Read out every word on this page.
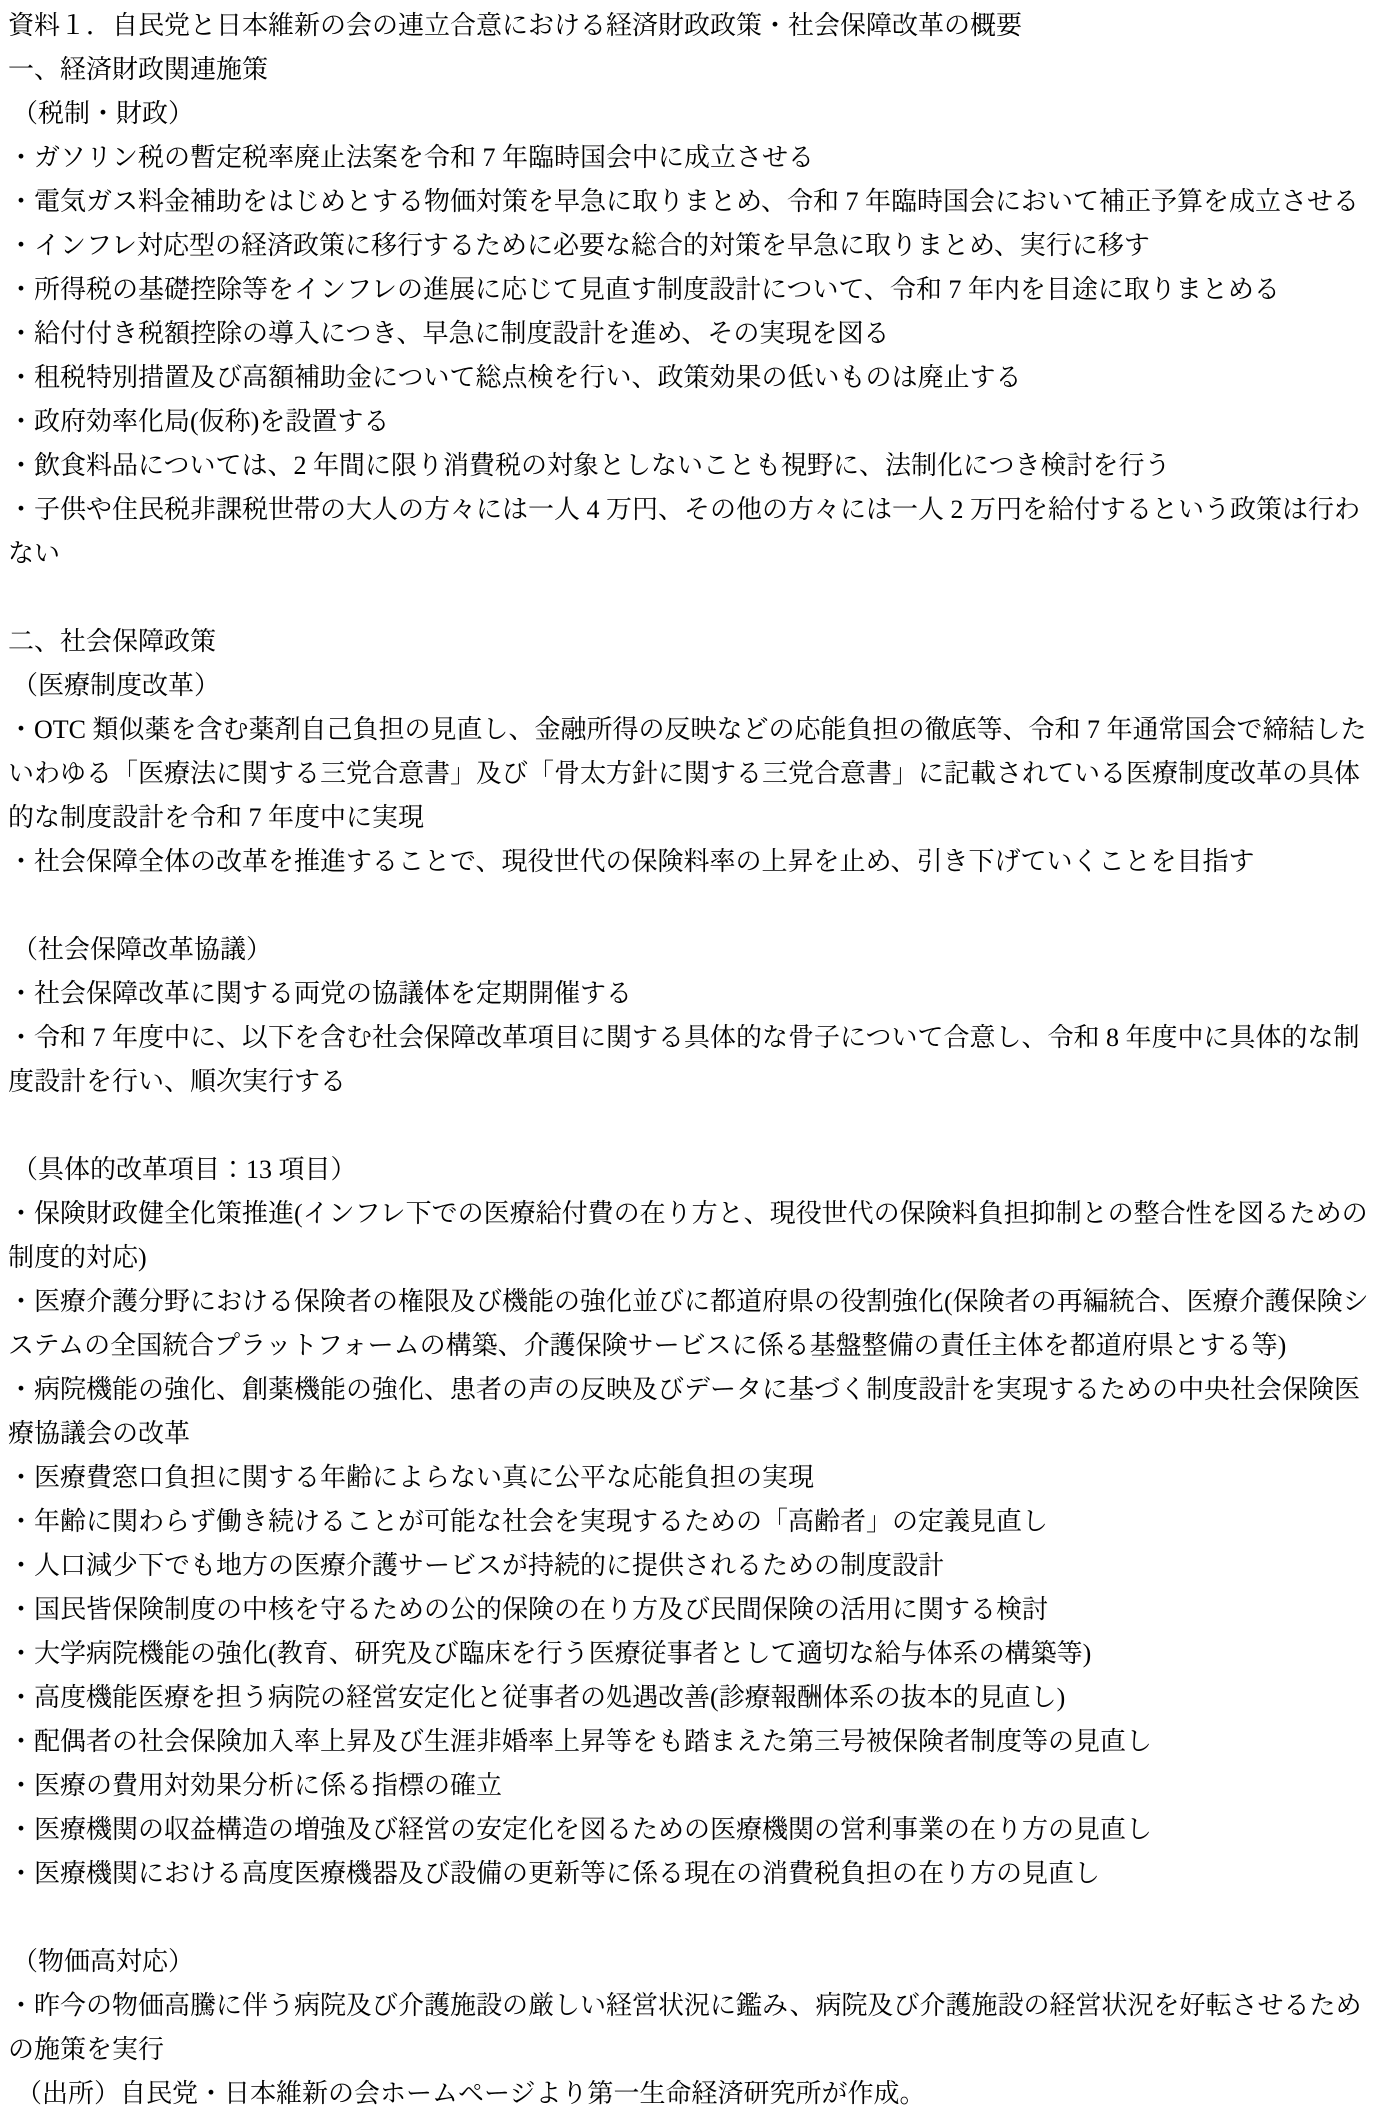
資料１．自民党と日本維新の会の連立合意における経済財政政策・社会保障改革の概要

一、経済財政関連施策

（税制・財政）

・ガソリン税の暫定税率廃止法案を令和 7 年臨時国会中に成立させる

・電気ガス料金補助をはじめとする物価対策を早急に取りまとめ、令和 7 年臨時国会において補正予算を成立させる

・インフレ対応型の経済政策に移行するために必要な総合的対策を早急に取りまとめ、実行に移す

・所得税の基礎控除等をインフレの進展に応じて見直す制度設計について、令和 7 年内を目途に取りまとめる

・給付付き税額控除の導入につき、早急に制度設計を進め、その実現を図る

・租税特別措置及び高額補助金について総点検を行い、政策効果の低いものは廃止する

・政府効率化局(仮称)を設置する

・飲食料品については、2 年間に限り消費税の対象としないことも視野に、法制化につき検討を行う

・子供や住民税非課税世帯の大人の方々には一人 4 万円、その他の方々には一人 2 万円を給付するという政策は行わない

二、社会保障政策

（医療制度改革）

・OTC 類似薬を含む薬剤自己負担の見直し、金融所得の反映などの応能負担の徹底等、令和 7 年通常国会で締結したいわゆる「医療法に関する三党合意書」及び「骨太方針に関する三党合意書」に記載されている医療制度改革の具体的な制度設計を令和 7 年度中に実現

・社会保障全体の改革を推進することで、現役世代の保険料率の上昇を止め、引き下げていくことを目指す

（社会保障改革協議）

・社会保障改革に関する両党の協議体を定期開催する

・令和 7 年度中に、以下を含む社会保障改革項目に関する具体的な骨子について合意し、令和 8 年度中に具体的な制度設計を行い、順次実行する

（具体的改革項目：13 項目）

・保険財政健全化策推進(インフレ下での医療給付費の在り方と、現役世代の保険料負担抑制との整合性を図るための制度的対応)

・医療介護分野における保険者の権限及び機能の強化並びに都道府県の役割強化(保険者の再編統合、医療介護保険システムの全国統合プラットフォームの構築、介護保険サービスに係る基盤整備の責任主体を都道府県とする等)

・病院機能の強化、創薬機能の強化、患者の声の反映及びデータに基づく制度設計を実現するための中央社会保険医療協議会の改革

・医療費窓口負担に関する年齢によらない真に公平な応能負担の実現

・年齢に関わらず働き続けることが可能な社会を実現するための「高齢者」の定義見直し

・人口減少下でも地方の医療介護サービスが持続的に提供されるための制度設計

・国民皆保険制度の中核を守るための公的保険の在り方及び民間保険の活用に関する検討

・大学病院機能の強化(教育、研究及び臨床を行う医療従事者として適切な給与体系の構築等)

・高度機能医療を担う病院の経営安定化と従事者の処遇改善(診療報酬体系の抜本的見直し)

・配偶者の社会保険加入率上昇及び生涯非婚率上昇等をも踏まえた第三号被保険者制度等の見直し

・医療の費用対効果分析に係る指標の確立

・医療機関の収益構造の増強及び経営の安定化を図るための医療機関の営利事業の在り方の見直し

・医療機関における高度医療機器及び設備の更新等に係る現在の消費税負担の在り方の見直し

（物価高対応）

・昨今の物価高騰に伴う病院及び介護施設の厳しい経営状況に鑑み、病院及び介護施設の経営状況を好転させるための施策を実行

（出所）自民党・日本維新の会ホームページより第一生命経済研究所が作成。
